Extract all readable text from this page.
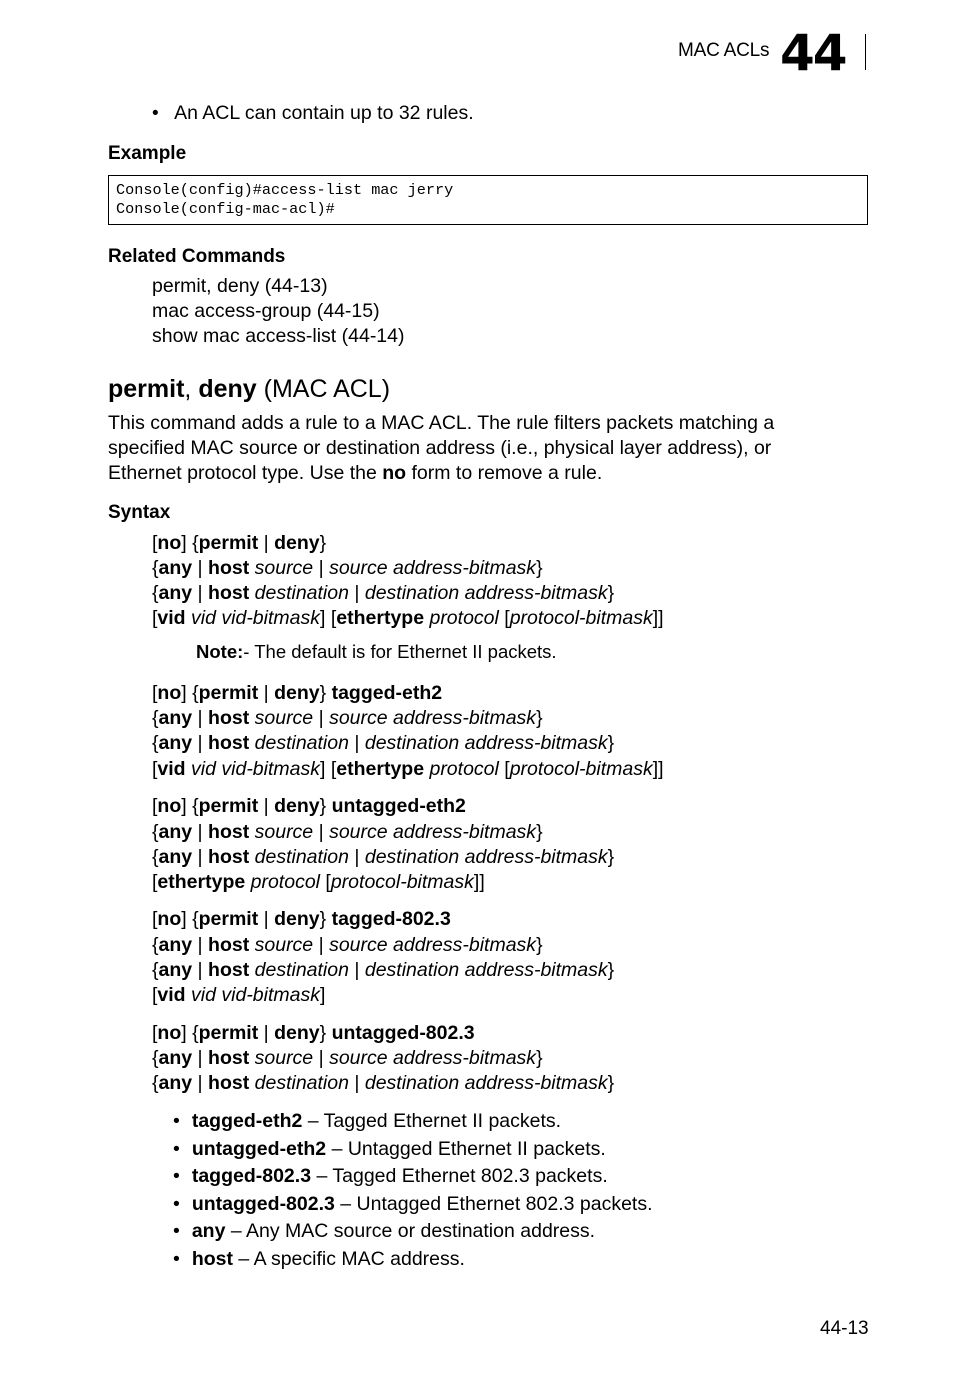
MAC ACLs 44
• An ACL can contain up to 32 rules.
Example
Console(config)#access-list mac jerry
Console(config-mac-acl)#
Related Commands
permit, deny (44-13)
mac access-group (44-15)
show mac access-list (44-14)
permit, deny (MAC ACL)
This command adds a rule to a MAC ACL. The rule filters packets matching a
specified MAC source or destination address (i.e., physical layer address), or
Ethernet protocol type. Use the no form to remove a rule.
Syntax
[no] {permit | deny}
{any | host source | source address-bitmask}
{any | host destination | destination address-bitmask}
[vid vid vid-bitmask] [ethertype protocol [protocol-bitmask]]
Note:- The default is for Ethernet II packets.
[no] {permit | deny} tagged-eth2
{any | host source | source address-bitmask}
{any | host destination | destination address-bitmask}
[vid vid vid-bitmask] [ethertype protocol [protocol-bitmask]]
[no] {permit | deny} untagged-eth2
{any | host source | source address-bitmask}
{any | host destination | destination address-bitmask}
[ethertype protocol [protocol-bitmask]]
[no] {permit | deny} tagged-802.3
{any | host source | source address-bitmask}
{any | host destination | destination address-bitmask}
[vid vid vid-bitmask]
[no] {permit | deny} untagged-802.3
{any | host source | source address-bitmask}
{any | host destination | destination address-bitmask}
• tagged-eth2 – Tagged Ethernet II packets.
• untagged-eth2 – Untagged Ethernet II packets.
• tagged-802.3 – Tagged Ethernet 802.3 packets.
• untagged-802.3 – Untagged Ethernet 802.3 packets.
• any – Any MAC source or destination address.
• host – A specific MAC address.
44-13
